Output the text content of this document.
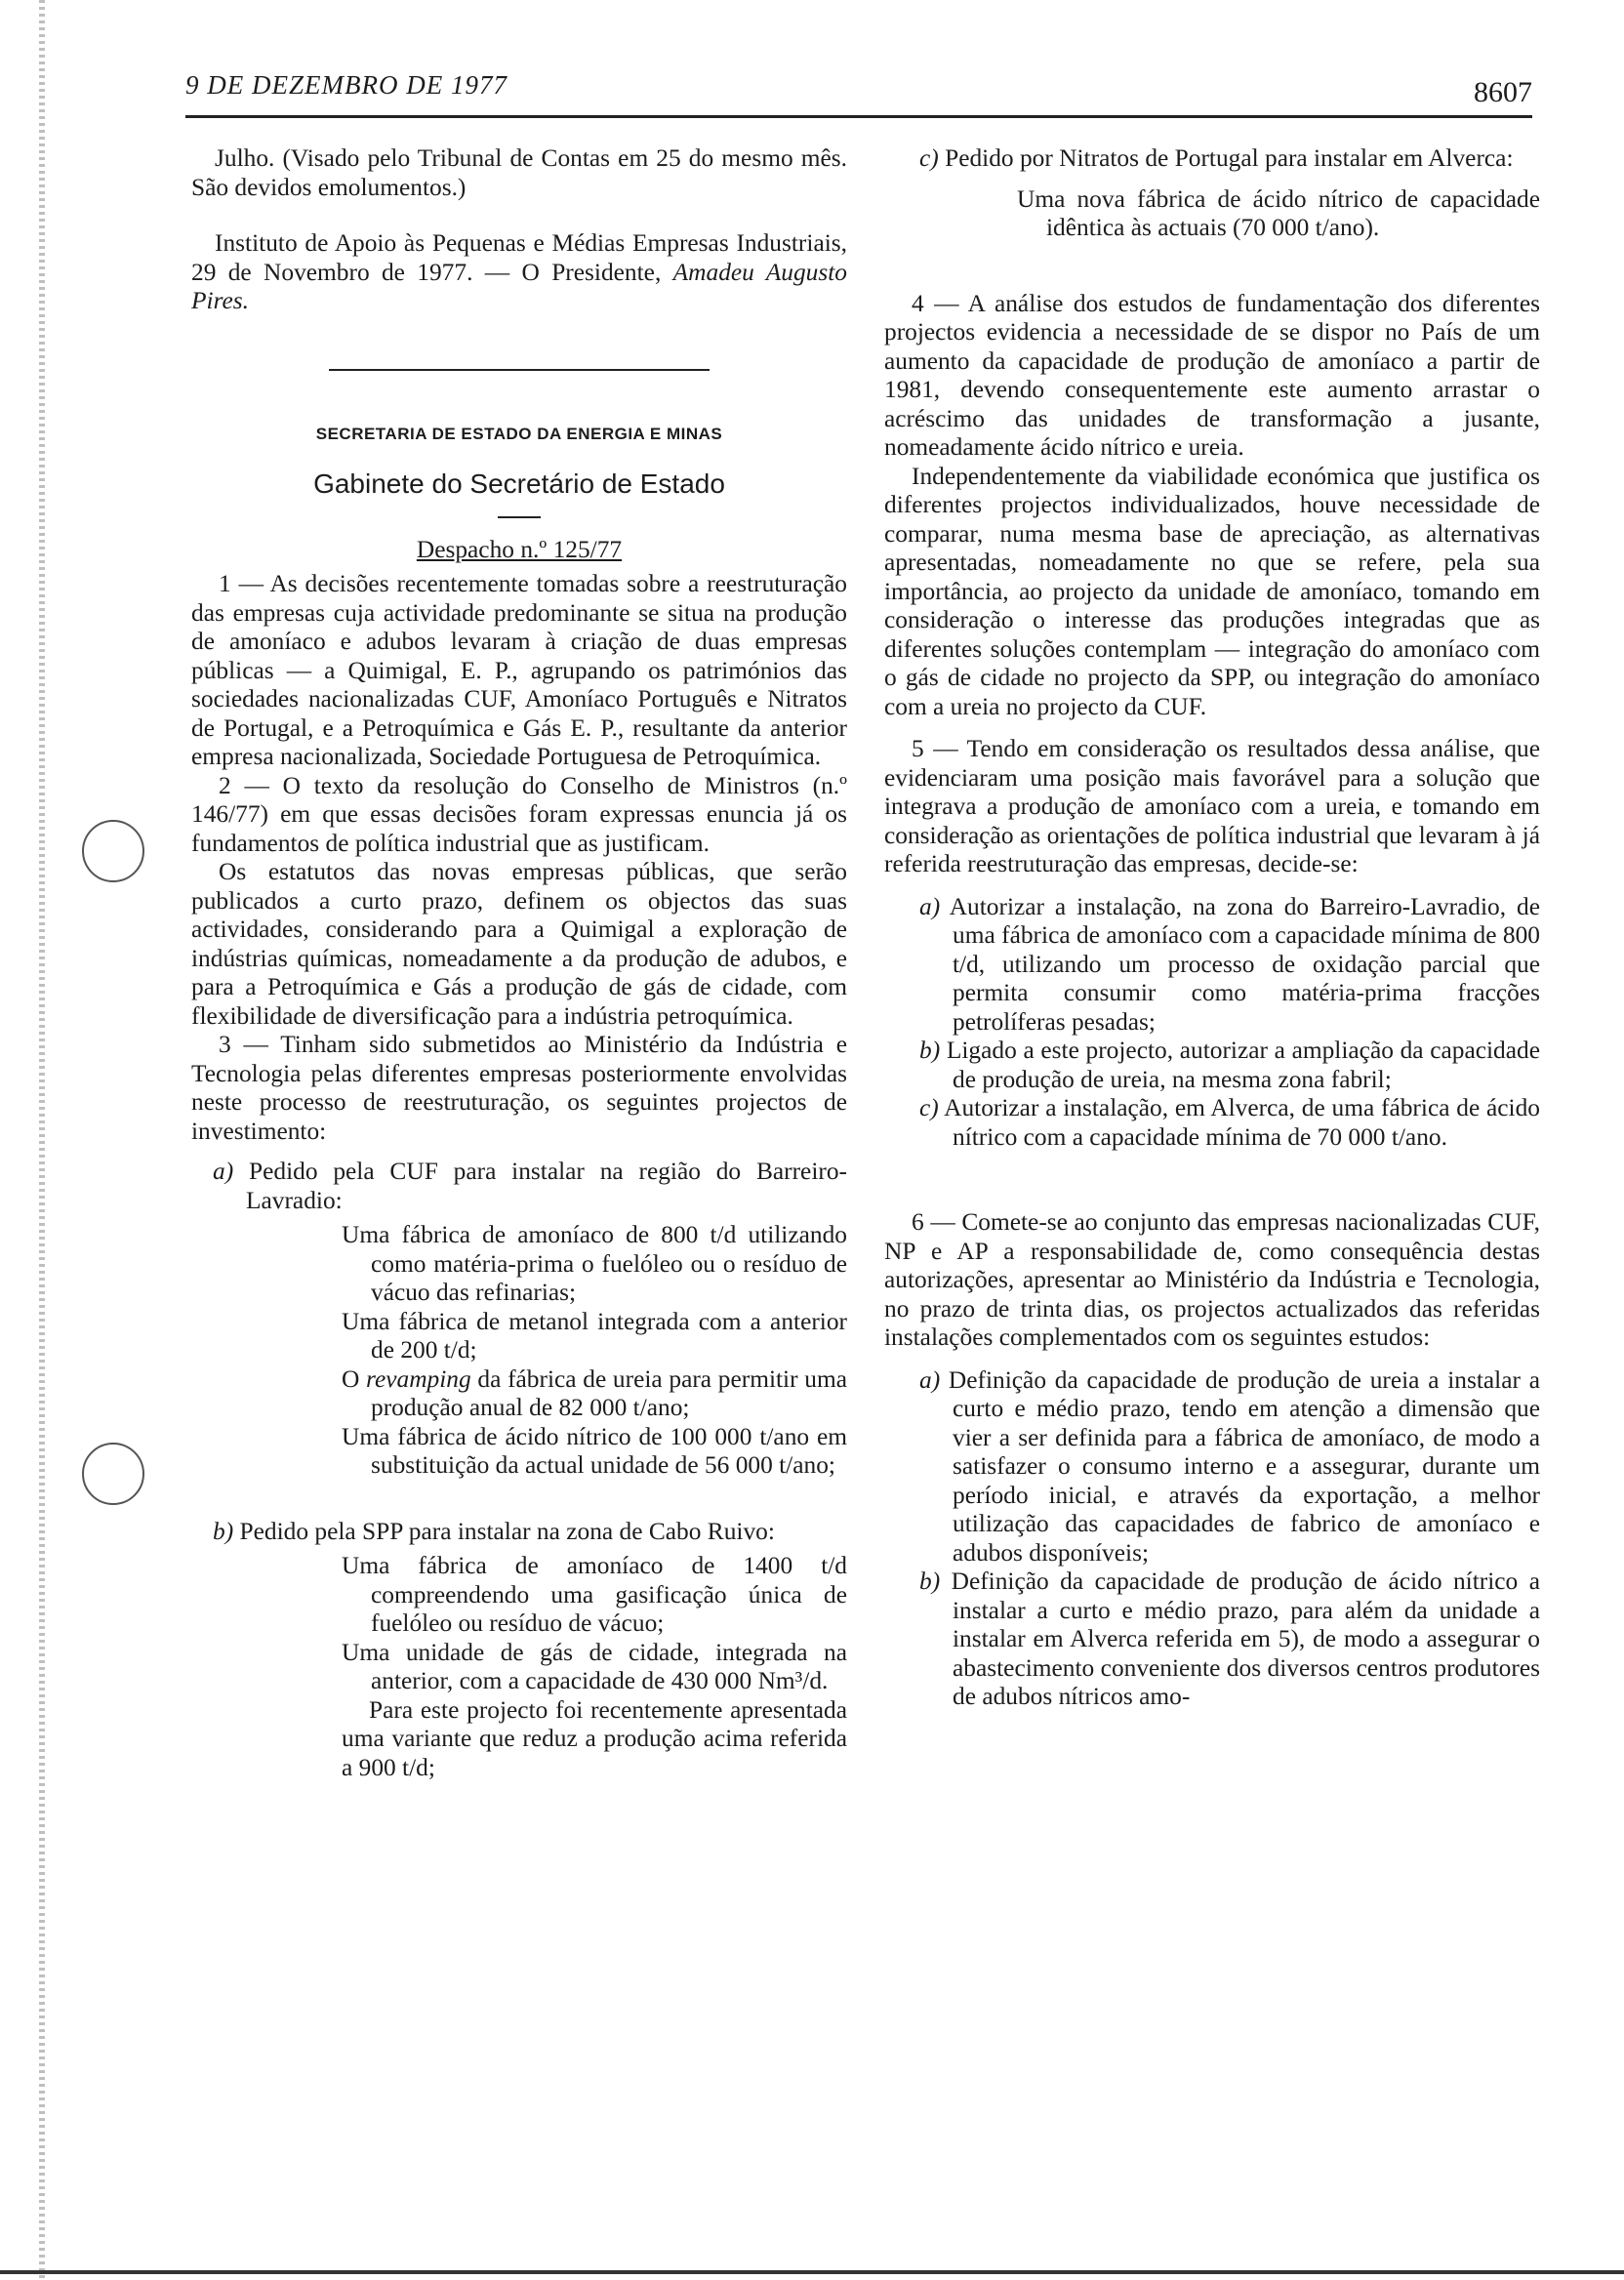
9 DE DEZEMBRO DE 1977	8607

Julho. (Visado pelo Tribunal de Contas em 25 do mesmo mês. São devidos emolumentos.)

Instituto de Apoio às Pequenas e Médias Empresas Industriais, 29 de Novembro de 1977. — O Presidente, Amadeu Augusto Pires.

SECRETARIA DE ESTADO DA ENERGIA E MINAS
Gabinete do Secretário de Estado
Despacho n.º 125/77

1 — As decisões recentemente tomadas sobre a reestruturação das empresas cuja actividade predominante se situa na produção de amoníaco e adubos levaram à criação de duas empresas públicas — a Quimigal, E. P., agrupando os patrimónios das sociedades nacionalizadas CUF, Amoníaco Português e Nitratos de Portugal, e a Petroquímica e Gás E. P., resultante da anterior empresa nacionalizada, Sociedade Portuguesa de Petroquímica.

2 — O texto da resolução do Conselho de Ministros (n.º 146/77) em que essas decisões foram expressas enuncia já os fundamentos de política industrial que as justificam.

Os estatutos das novas empresas públicas, que serão publicados a curto prazo, definem os objectos das suas actividades, considerando para a Quimigal a exploração de indústrias químicas, nomeadamente a da produção de adubos, e para a Petroquímica e Gás a produção de gás de cidade, com flexibilidade de diversificação para a indústria petroquímica.

3 — Tinham sido submetidos ao Ministério da Indústria e Tecnologia pelas diferentes empresas posteriormente envolvidas neste processo de reestruturação, os seguintes projectos de investimento:

a) Pedido pela CUF para instalar na região do Barreiro-Lavradio:

Uma fábrica de amoníaco de 800 t/d utilizando como matéria-prima o fuelóleo ou o resíduo de vácuo das refinarias;

Uma fábrica de metanol integrada com a anterior de 200 t/d;

O revamping da fábrica de ureia para permitir uma produção anual de 82 000 t/ano;

Uma fábrica de ácido nítrico de 100 000 t/ano em substituição da actual unidade de 56 000 t/ano;

b) Pedido pela SPP para instalar na zona de Cabo Ruivo:

Uma fábrica de amoníaco de 1400 t/d compreendendo uma gasificação única de fuelóleo ou resíduo de vácuo;

Uma unidade de gás de cidade, integrada na anterior, com a capacidade de 430 000 Nm³/d.

Para este projecto foi recentemente apresentada uma variante que reduz a produção acima referida a 900 t/d;

c) Pedido por Nitratos de Portugal para instalar em Alverca:

Uma nova fábrica de ácido nítrico de capacidade idêntica às actuais (70 000 t/ano).

4 — A análise dos estudos de fundamentação dos diferentes projectos evidencia a necessidade de se dispor no País de um aumento da capacidade de produção de amoníaco a partir de 1981, devendo consequentemente este aumento arrastar o acréscimo das unidades de transformação a jusante, nomeadamente ácido nítrico e ureia.

Independentemente da viabilidade económica que justifica os diferentes projectos individualizados, houve necessidade de comparar, numa mesma base de apreciação, as alternativas apresentadas, nomeadamente no que se refere, pela sua importância, ao projecto da unidade de amoníaco, tomando em consideração o interesse das produções integradas que as diferentes soluções contemplam — integração do amoníaco com o gás de cidade no projecto da SPP, ou integração do amoníaco com a ureia no projecto da CUF.

5 — Tendo em consideração os resultados dessa análise, que evidenciaram uma posição mais favorável para a solução que integrava a produção de amoníaco com a ureia, e tomando em consideração as orientações de política industrial que levaram à já referida reestruturação das empresas, decide-se:

a) Autorizar a instalação, na zona do Barreiro-Lavradio, de uma fábrica de amoníaco com a capacidade mínima de 800 t/d, utilizando um processo de oxidação parcial que permita consumir como matéria-prima fracções petrolíferas pesadas;

b) Ligado a este projecto, autorizar a ampliação da capacidade de produção de ureia, na mesma zona fabril;

c) Autorizar a instalação, em Alverca, de uma fábrica de ácido nítrico com a capacidade mínima de 70 000 t/ano.

6 — Comete-se ao conjunto das empresas nacionalizadas CUF, NP e AP a responsabilidade de, como consequência destas autorizações, apresentar ao Ministério da Indústria e Tecnologia, no prazo de trinta dias, os projectos actualizados das referidas instalações complementados com os seguintes estudos:

a) Definição da capacidade de produção de ureia a instalar a curto e médio prazo, tendo em atenção a dimensão que vier a ser definida para a fábrica de amoníaco, de modo a satisfazer o consumo interno e a assegurar, durante um período inicial, e através da exportação, a melhor utilização das capacidades de fabrico de amoníaco e adubos disponíveis;

b) Definição da capacidade de produção de ácido nítrico a instalar a curto e médio prazo, para além da unidade a instalar em Alverca referida em 5), de modo a assegurar o abastecimento conveniente dos diversos centros produtores de adubos nítricos amo-
